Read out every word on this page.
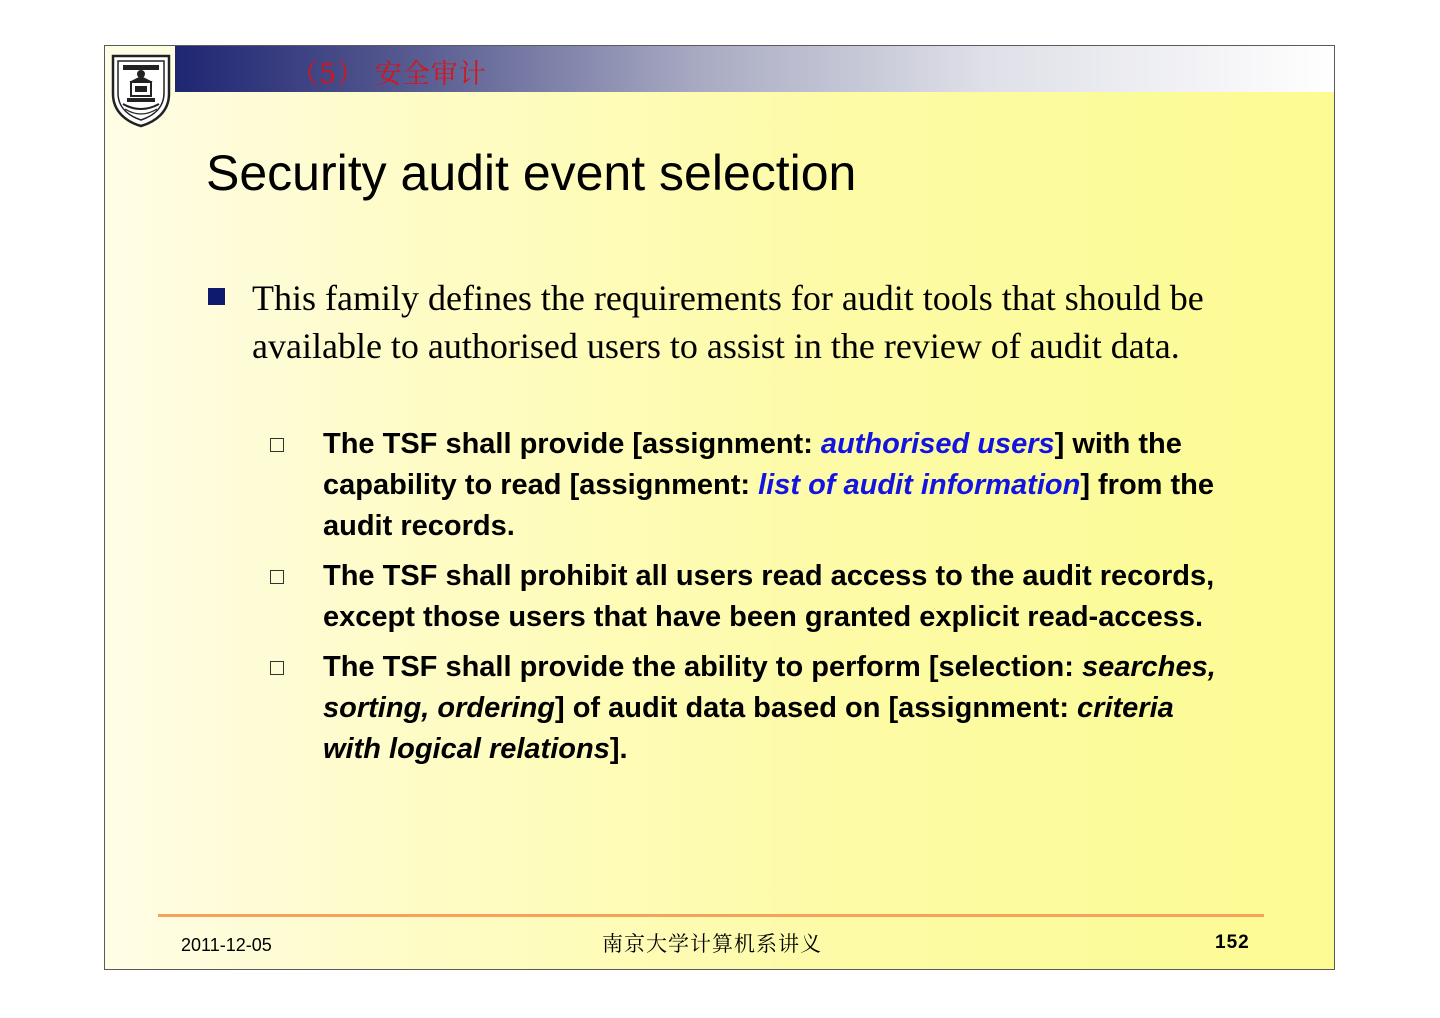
（5） 安全审计
Security audit event selection
This family defines the requirements for audit tools that should be available to authorised users to assist in the review of audit data.
The TSF shall provide [assignment: authorised users] with the capability to read [assignment: list of audit information] from the audit records.
The TSF shall prohibit all users read access to the audit records, except those users that have been granted explicit read-access.
The TSF shall provide the ability to perform [selection: searches, sorting, ordering] of audit data based on [assignment: criteria with logical relations].
2011-12-05	南京大学计算机系讲义	152
